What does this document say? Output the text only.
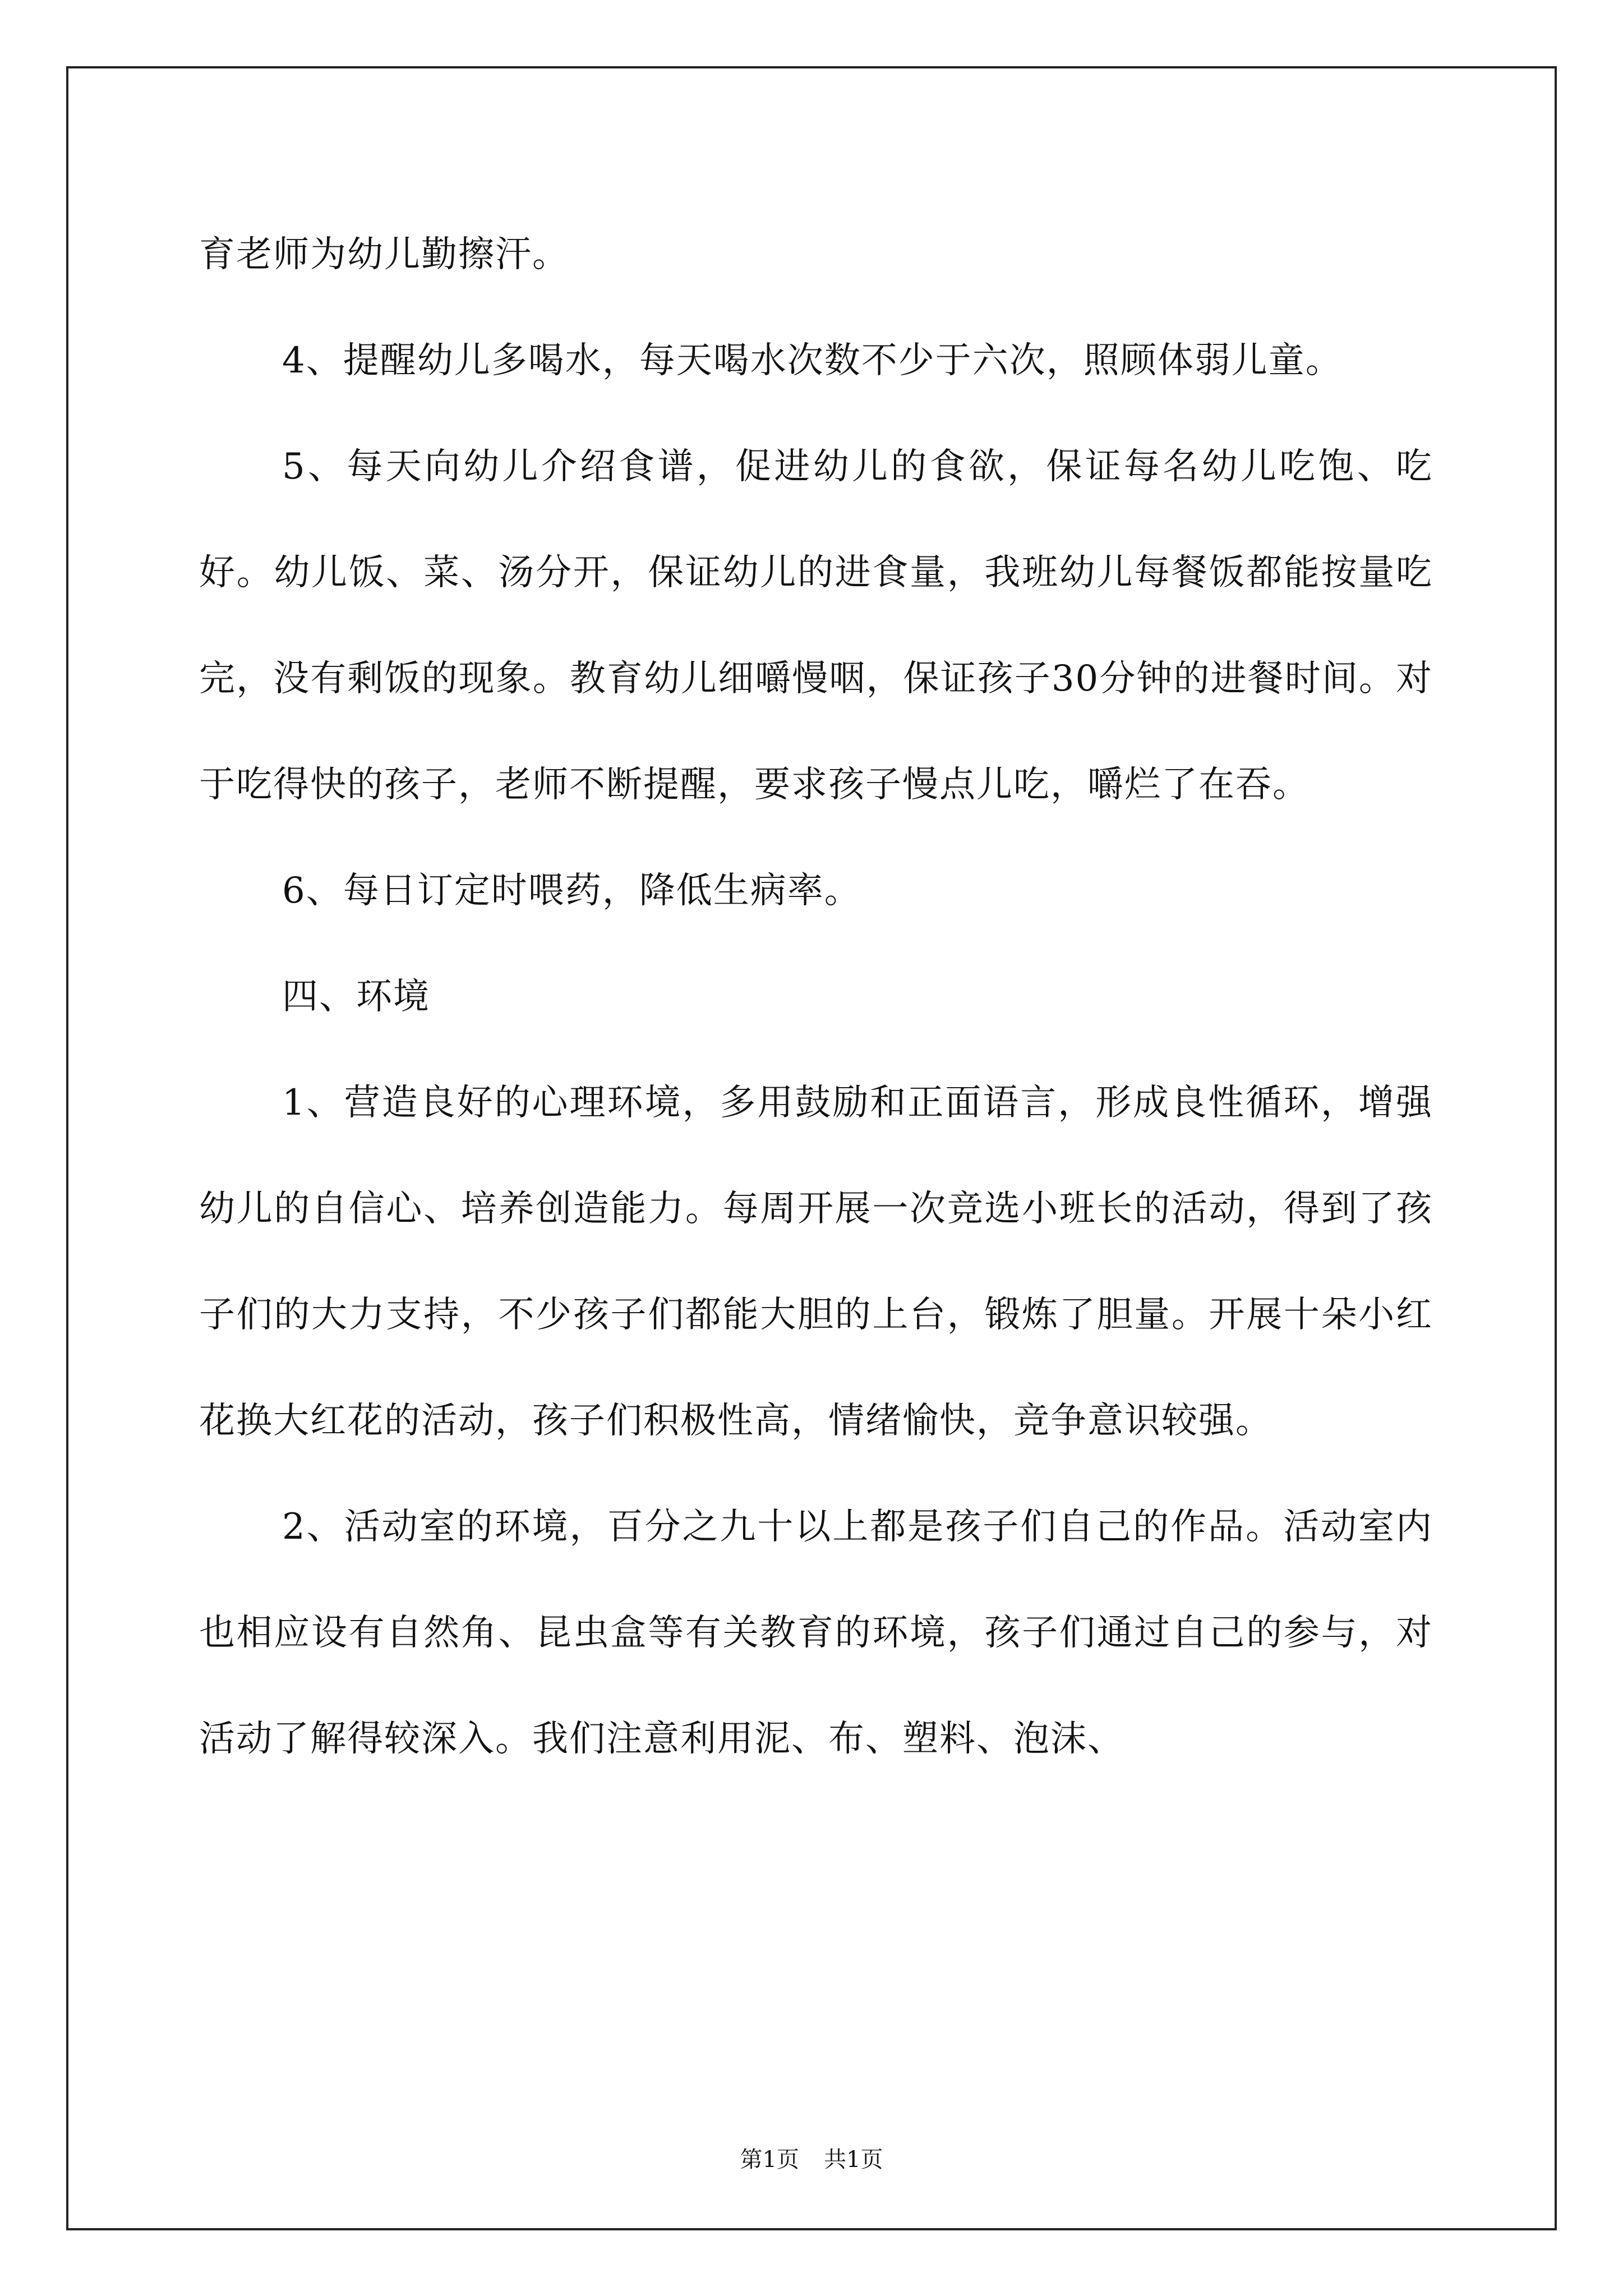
育老师为幼儿勤擦汗。

4、提醒幼儿多喝水，每天喝水次数不少于六次，照顾体弱儿童。

5、每天向幼儿介绍食谱，促进幼儿的食欲，保证每名幼儿吃饱、吃好。幼儿饭、菜、汤分开，保证幼儿的进食量，我班幼儿每餐饭都能按量吃完，没有剩饭的现象。教育幼儿细嚼慢咽，保证孩子30分钟的进餐时间。对于吃得快的孩子，老师不断提醒，要求孩子慢点儿吃，嚼烂了在吞。

6、每日订定时喂药，降低生病率。

四、环境

1、营造良好的心理环境，多用鼓励和正面语言，形成良性循环，增强幼儿的自信心、培养创造能力。每周开展一次竞选小班长的活动，得到了孩子们的大力支持，不少孩子们都能大胆的上台，锻炼了胆量。开展十朵小红花换大红花的活动，孩子们积极性高，情绪愉快，竞争意识较强。

2、活动室的环境，百分之九十以上都是孩子们自己的作品。活动室内也相应设有自然角、昆虫盒等有关教育的环境，孩子们通过自己的参与，对活动了解得较深入。我们注意利用泥、布、塑料、泡沫、

第1页 共1页
